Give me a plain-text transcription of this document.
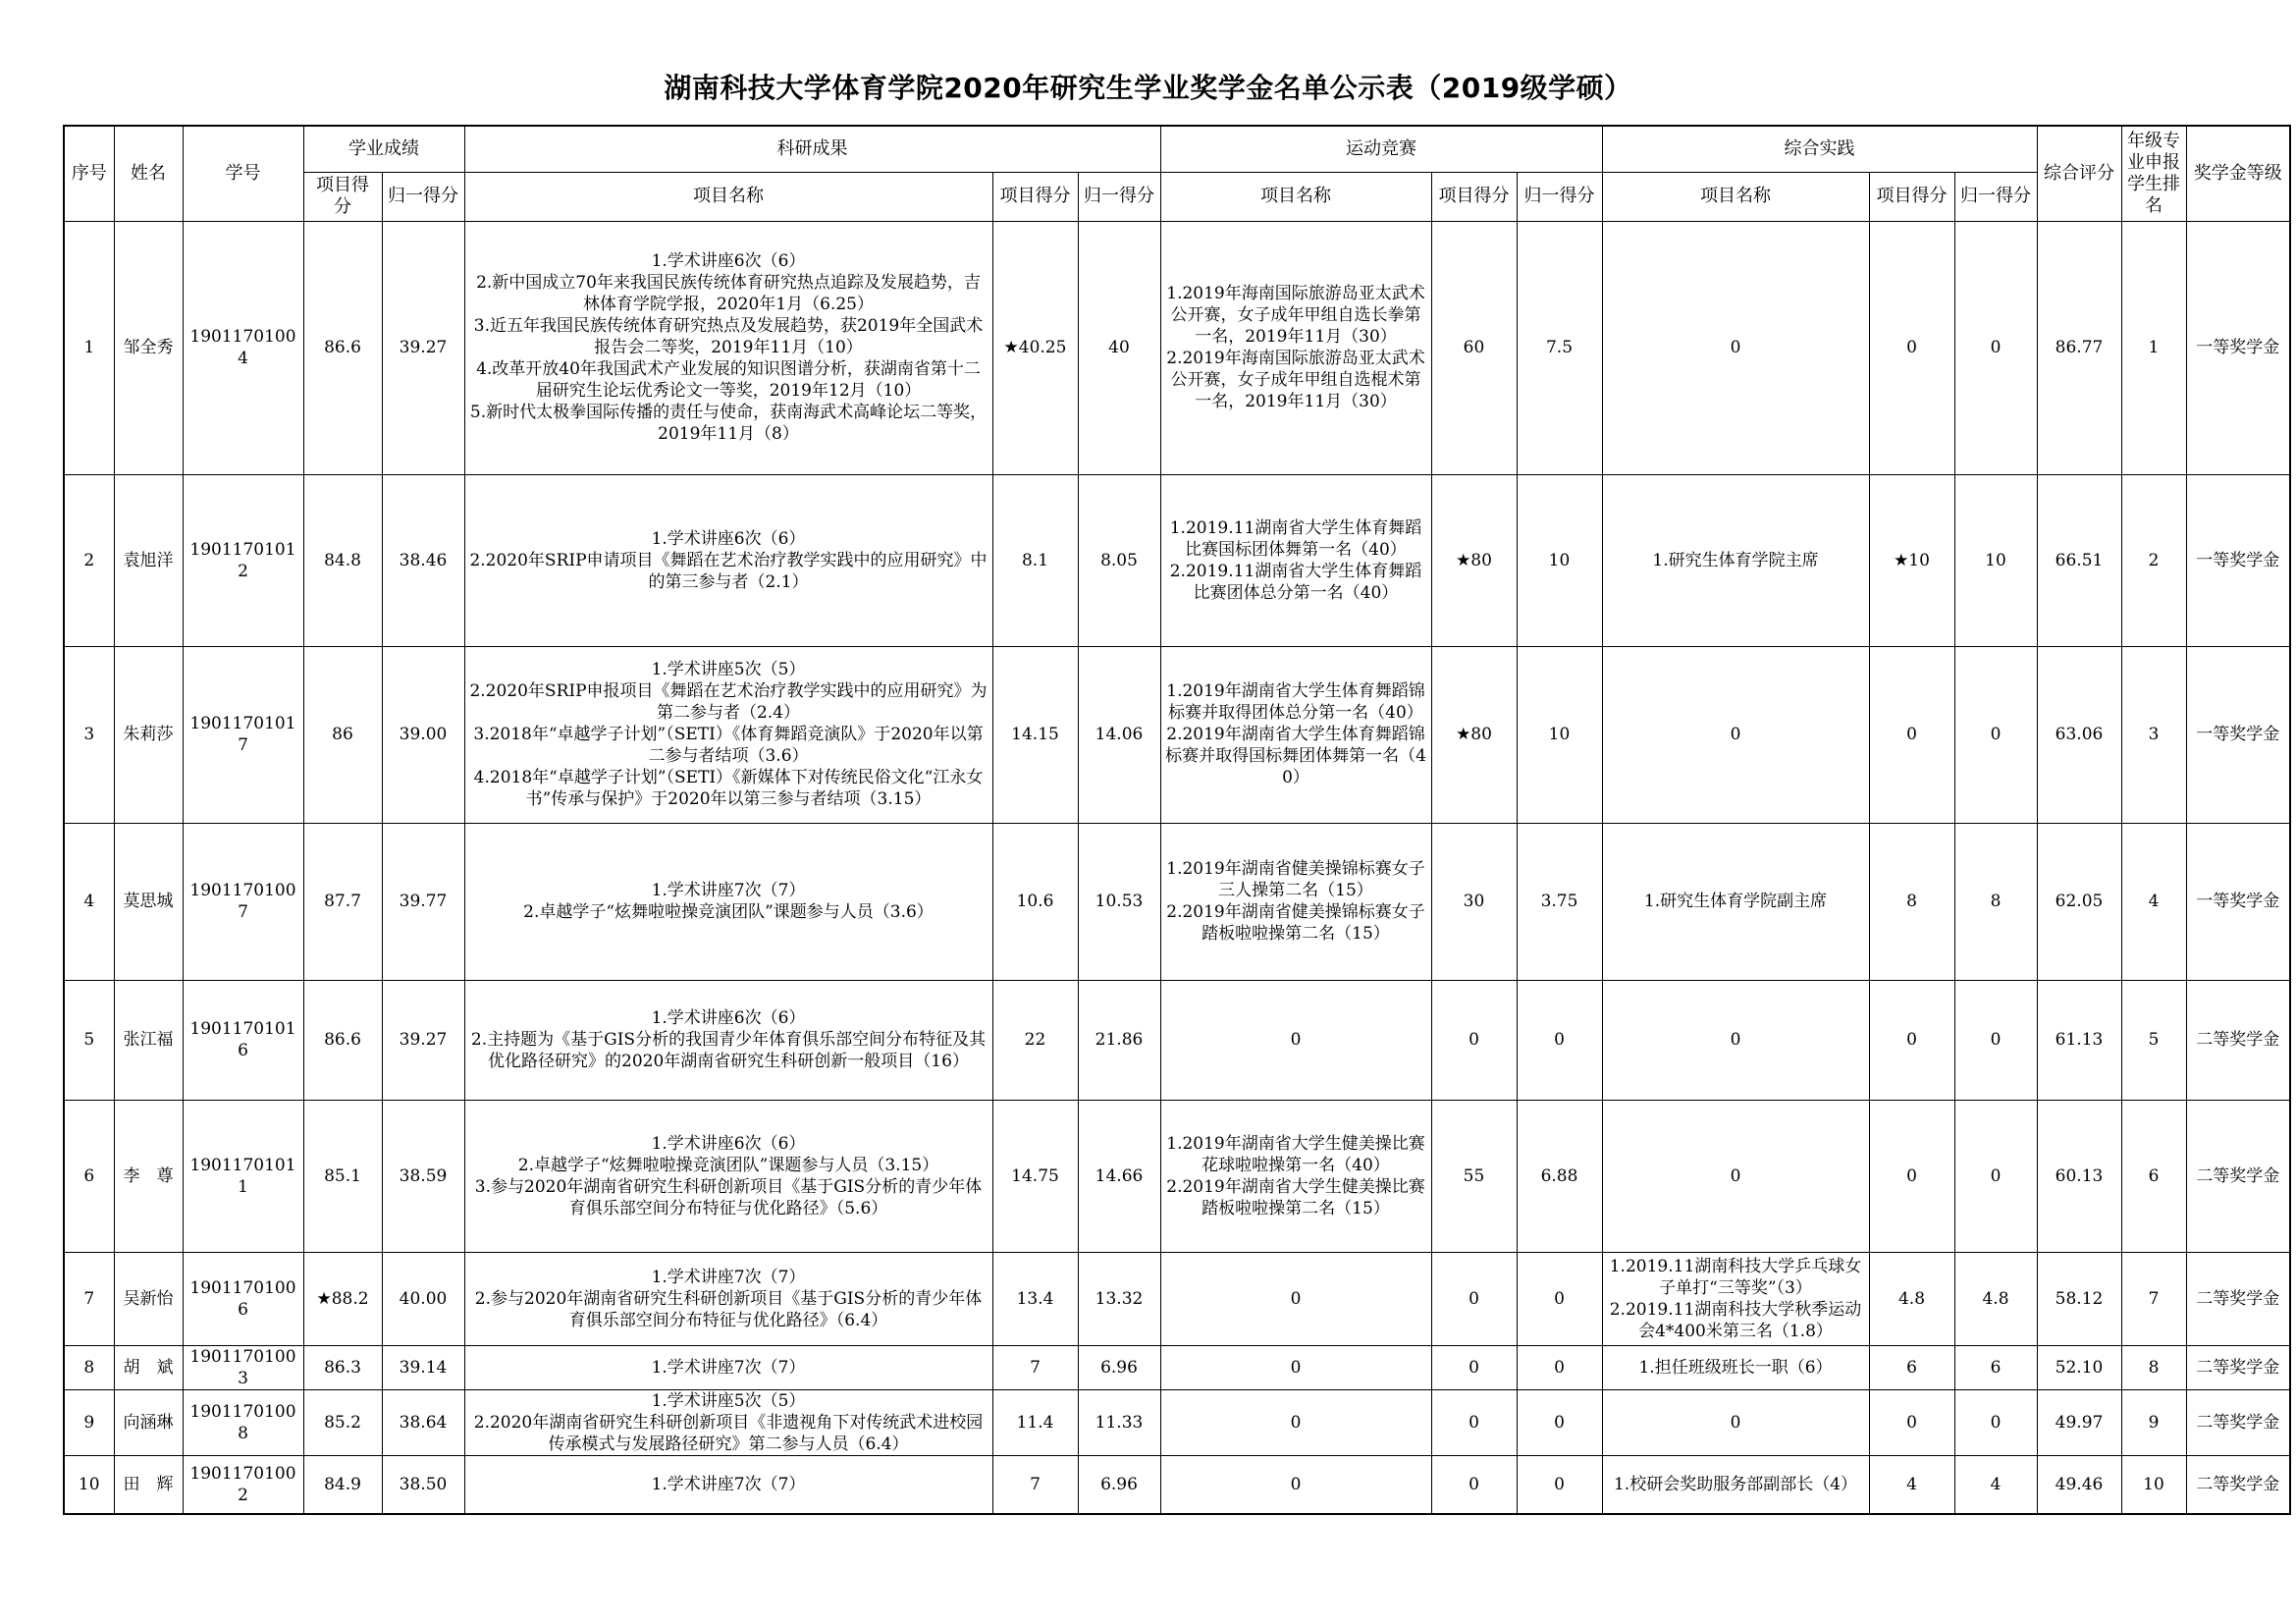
湖南科技大学体育学院2020年研究生学业奖学金名单公示表（2019级学硕）
序号	姓名	学号	学业成绩		科研成果			运动竞赛			综合实践			综合评分	年级专业申报学生排名	奖学金等级
			项目得分	归一得分	项目名称	项目得分	归一得分	项目名称	项目得分	归一得分	项目名称	项目得分	归一得分			
1	邹全秀	19011701004	86.6	39.27	1.学术讲座6次（6）
2.新中国成立70年来我国民族传统体育研究热点追踪及发展趋势，吉林体育学院学报，2020年1月（6.25）
3.近五年我国民族传统体育研究热点及发展趋势，获2019年全国武术报告会二等奖，2019年11月（10）
4.改革开放40年我国武术产业发展的知识图谱分析，获湖南省第十二届研究生论坛优秀论文一等奖，2019年12月（10）
5.新时代太极拳国际传播的责任与使命，获南海武术高峰论坛二等奖，2019年11月（8）	★40.25	40	1.2019年海南国际旅游岛亚太武术公开赛，女子成年甲组自选长拳第一名，2019年11月（30）
2.2019年海南国际旅游岛亚太武术公开赛，女子成年甲组自选棍术第一名，2019年11月（30）	60	7.5	0	0	0	86.77	1	一等奖学金
2	袁旭洋	19011701012	84.8	38.46	1.学术讲座6次（6）
2.2020年SRIP申请项目《舞蹈在艺术治疗教学实践中的应用研究》中的第三参与者（2.1）	8.1	8.05	1.2019.11湖南省大学生体育舞蹈比赛国标团体舞第一名（40）
2.2019.11湖南省大学生体育舞蹈比赛团体总分第一名（40）	★80	10	1.研究生体育学院主席	★10	10	66.51	2	一等奖学金
3	朱莉莎	19011701017	86	39.00	1.学术讲座5次（5）
2.2020年SRIP申报项目《舞蹈在艺术治疗教学实践中的应用研究》为第二参与者（2.4）
3.2018年“卓越学子计划”（SETI）《体育舞蹈竞演队》于2020年以第二参与者结项（3.6）
4.2018年“卓越学子计划”（SETI）《新媒体下对传统民俗文化“江永女书”传承与保护》于2020年以第三参与者结项（3.15）	14.15	14.06	1.2019年湖南省大学生体育舞蹈锦标赛并取得团体总分第一名（40）
2.2019年湖南省大学生体育舞蹈锦标赛并取得国标舞团体舞第一名（40）	★80	10	0	0	0	63.06	3	一等奖学金
4	莫思城	19011701007	87.7	39.77	1.学术讲座7次（7）
2.卓越学子“炫舞啦啦操竞演团队”课题参与人员（3.6）	10.6	10.53	1.2019年湖南省健美操锦标赛女子三人操第二名（15）
2.2019年湖南省健美操锦标赛女子踏板啦啦操第二名（15）	30	3.75	1.研究生体育学院副主席	8	8	62.05	4	一等奖学金
5	张江福	19011701016	86.6	39.27	1.学术讲座6次（6）
2.主持题为《基于GIS分析的我国青少年体育俱乐部空间分布特征及其优化路径研究》的2020年湖南省研究生科研创新一般项目（16）	22	21.86	0	0	0	0	0	0	61.13	5	二等奖学金
6	李　尊	19011701011	85.1	38.59	1.学术讲座6次（6）
2.卓越学子“炫舞啦啦操竞演团队”课题参与人员（3.15）
3.参与2020年湖南省研究生科研创新项目《基于GIS分析的青少年体育俱乐部空间分布特征与优化路径》（5.6）	14.75	14.66	1.2019年湖南省大学生健美操比赛花球啦啦操第一名（40）
2.2019年湖南省大学生健美操比赛踏板啦啦操第二名（15）	55	6.88	0	0	0	60.13	6	二等奖学金
7	吴新怡	19011701006	★88.2	40.00	1.学术讲座7次（7）
2.参与2020年湖南省研究生科研创新项目《基于GIS分析的青少年体育俱乐部空间分布特征与优化路径》（6.4）	13.4	13.32	0	0	0	1.2019.11湖南科技大学乒乓球女子单打“三等奖”（3）
2.2019.11湖南科技大学秋季运动会4*400米第三名（1.8）	4.8	4.8	58.12	7	二等奖学金
8	胡　斌	19011701003	86.3	39.14	1.学术讲座7次（7）	7	6.96	0	0	0	1.担任班级班长一职（6）	6	6	52.10	8	二等奖学金
9	向涵琳	19011701008	85.2	38.64	1.学术讲座5次（5）
2.2020年湖南省研究生科研创新项目《非遗视角下对传统武术进校园传承模式与发展路径研究》第二参与人员（6.4）	11.4	11.33	0	0	0	0	0	0	49.97	9	二等奖学金
10	田　辉	19011701002	84.9	38.50	1.学术讲座7次（7）	7	6.96	0	0	0	1.校研会奖助服务部副部长（4）	4	4	49.46	10	二等奖学金
